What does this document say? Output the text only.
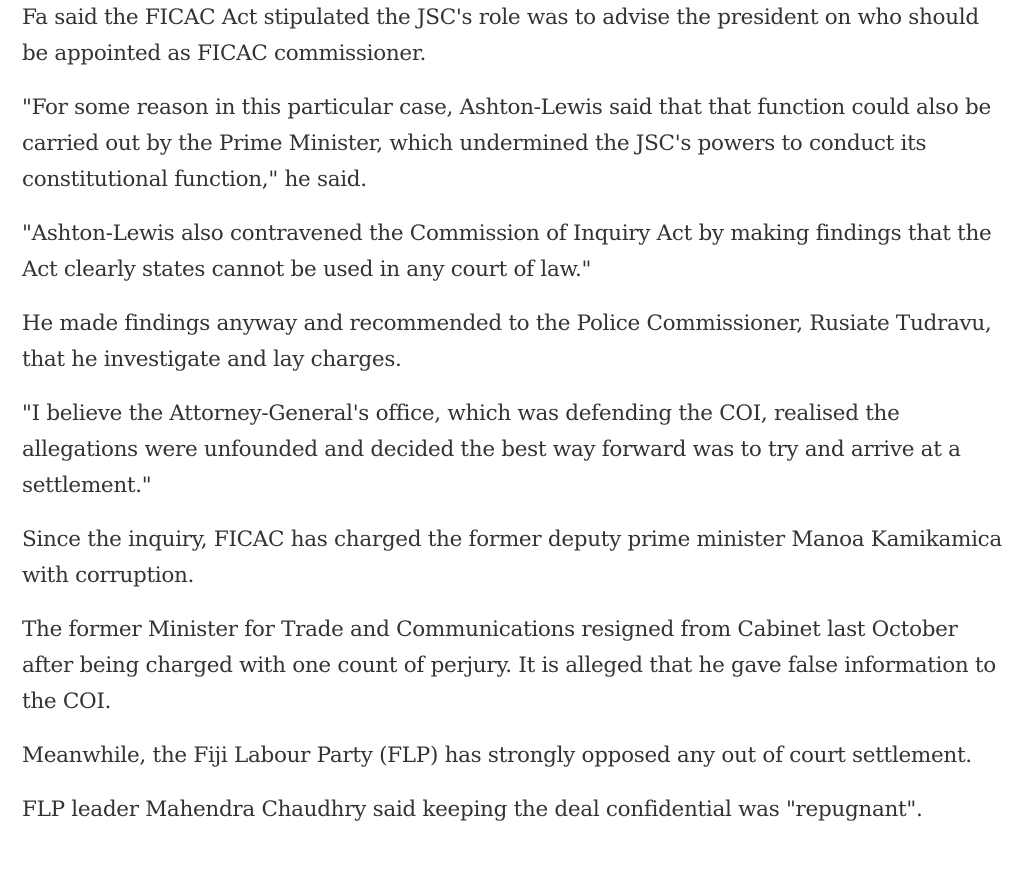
Fa said the FICAC Act stipulated the JSC's role was to advise the president on who should be appointed as FICAC commissioner.

"For some reason in this particular case, Ashton-Lewis said that that function could also be carried out by the Prime Minister, which undermined the JSC's powers to conduct its constitutional function," he said.

"Ashton-Lewis also contravened the Commission of Inquiry Act by making findings that the Act clearly states cannot be used in any court of law."

He made findings anyway and recommended to the Police Commissioner, Rusiate Tudravu, that he investigate and lay charges.

"I believe the Attorney-General's office, which was defending the COI, realised the allegations were unfounded and decided the best way forward was to try and arrive at a settlement."

Since the inquiry, FICAC has charged the former deputy prime minister Manoa Kamikamica with corruption.

The former Minister for Trade and Communications resigned from Cabinet last October after being charged with one count of perjury. It is alleged that he gave false information to the COI.

Meanwhile, the Fiji Labour Party (FLP) has strongly opposed any out of court settlement.

FLP leader Mahendra Chaudhry said keeping the deal confidential was "repugnant".
